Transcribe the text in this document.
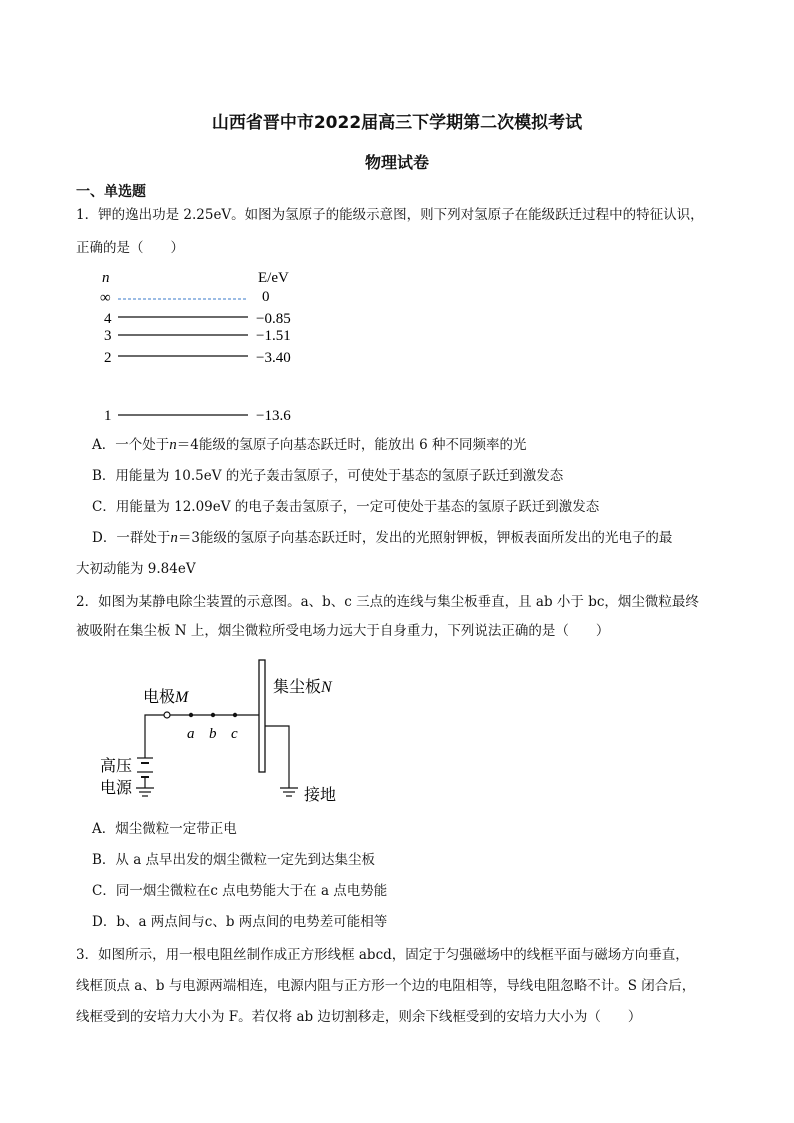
山西省晋中市2022届高三下学期第二次模拟考试
物理试卷
一、单选题
1．钾的逸出功是 2.25eV。如图为氢原子的能级示意图，则下列对氢原子在能级跃迁过程中的特征认识，
正确的是（　　）
n	E/eV
∞	0
4	−0.85
3	−1.51
2	−3.40
1	−13.6
A．一个处于n＝4能级的氢原子向基态跃迁时，能放出 6 种不同频率的光
B．用能量为 10.5eV 的光子轰击氢原子，可使处于基态的氢原子跃迁到激发态
C．用能量为 12.09eV 的电子轰击氢原子，一定可使处于基态的氢原子跃迁到激发态
D．一群处于n＝3能级的氢原子向基态跃迁时，发出的光照射钾板，钾板表面所发出的光电子的最
大初动能为 9.84eV
2．如图为某静电除尘装置的示意图。a、b、c 三点的连线与集尘板垂直，且 ab 小于 bc，烟尘微粒最终
被吸附在集尘板 N 上，烟尘微粒所受电场力远大于自身重力，下列说法正确的是（　　）
电极M
集尘板N
a b c
高压
电源	接地
A．烟尘微粒一定带正电
B．从 a 点早出发的烟尘微粒一定先到达集尘板
C．同一烟尘微粒在c 点电势能大于在 a 点电势能
D．b、a 两点间与c、b 两点间的电势差可能相等
3．如图所示，用一根电阻丝制作成正方形线框 abcd，固定于匀强磁场中的线框平面与磁场方向垂直，
线框顶点 a、b 与电源两端相连，电源内阻与正方形一个边的电阻相等，导线电阻忽略不计。S 闭合后，
线框受到的安培力大小为 F。若仅将 ab 边切割移走，则余下线框受到的安培力大小为（　　）
